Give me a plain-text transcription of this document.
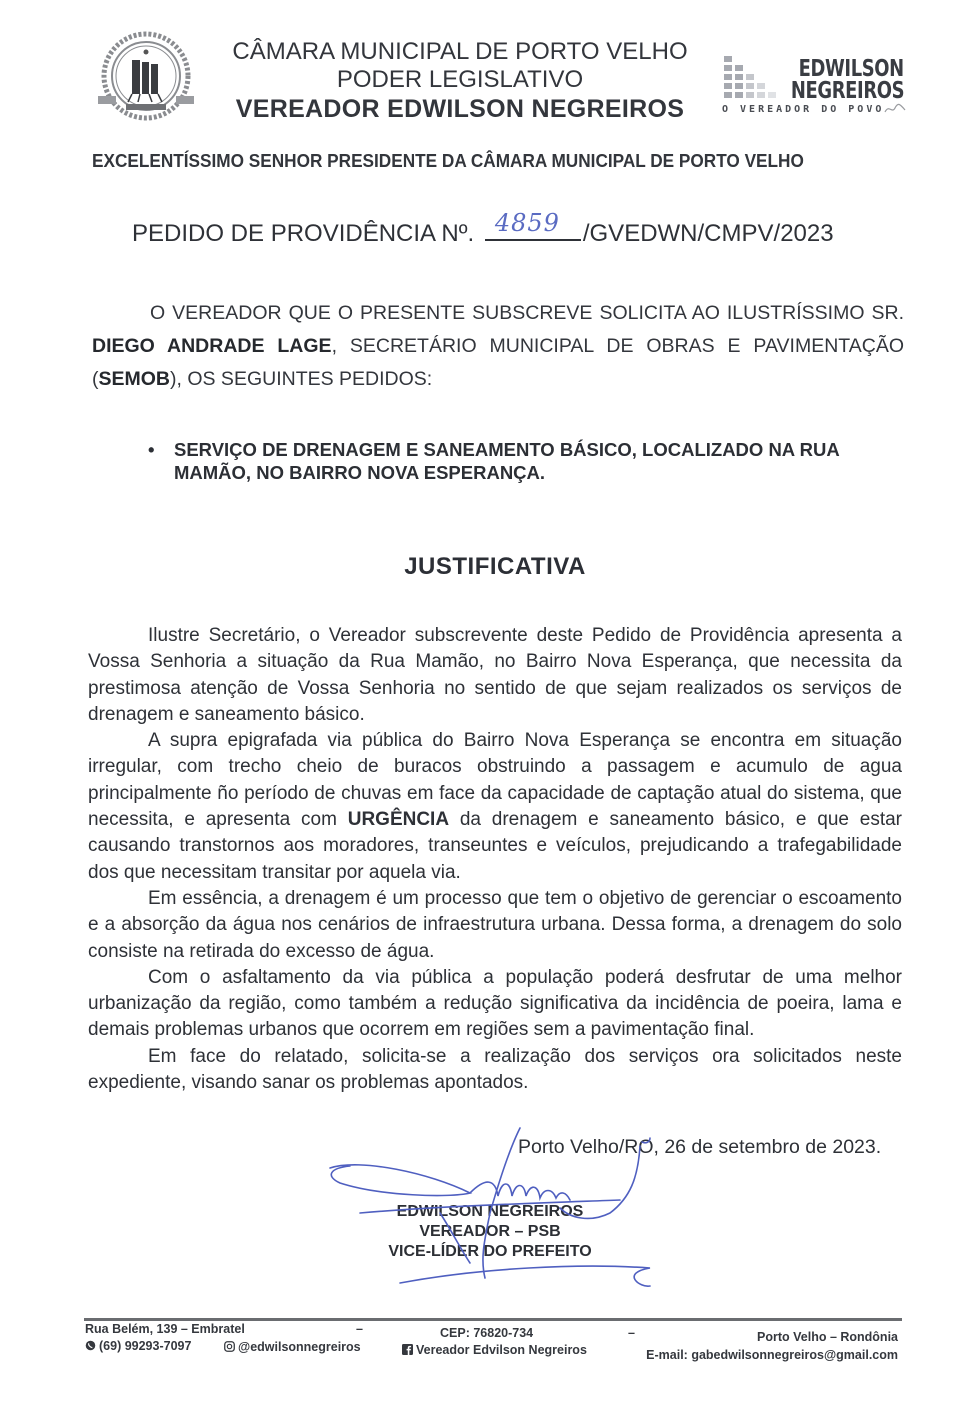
CÂMARA MUNICIPAL DE PORTO VELHO
PODER LEGISLATIVO
VEREADOR EDWILSON NEGREIROS
EDWILSON
NEGREIROS
O VEREADOR DO POVO
EXCELENTÍSSIMO SENHOR PRESIDENTE DA CÂMARA MUNICIPAL DE PORTO VELHO
PEDIDO DE PROVIDÊNCIA Nº. 4859 /GVEDWN/CMPV/2023

O VEREADOR QUE O PRESENTE SUBSCREVE SOLICITA AO ILUSTRÍSSIMO SR. DIEGO ANDRADE LAGE, SECRETÁRIO MUNICIPAL DE OBRAS E PAVIMENTAÇÃO (SEMOB), OS SEGUINTES PEDIDOS:

• SERVIÇO DE DRENAGEM E SANEAMENTO BÁSICO, LOCALIZADO NA RUA MAMÃO, NO BAIRRO NOVA ESPERANÇA.
JUSTIFICATIVA

Ilustre Secretário, o Vereador subscrevente deste Pedido de Providência apresenta a Vossa Senhoria a situação da Rua Mamão, no Bairro Nova Esperança, que necessita da prestimosa atenção de Vossa Senhoria no sentido de que sejam realizados os serviços de drenagem e saneamento básico.

A supra epigrafada via pública do Bairro Nova Esperança se encontra em situação irregular, com trecho cheio de buracos obstruindo a passagem e acumulo de agua principalmente ño período de chuvas em face da capacidade de captação atual do sistema, que necessita, e apresenta com URGÊNCIA da drenagem e saneamento básico, e que estar causando transtornos aos moradores, transeuntes e veículos, prejudicando a trafegabilidade dos que necessitam transitar por aquela via.

Em essência, a drenagem é um processo que tem o objetivo de gerenciar o escoamento e a absorção da água nos cenários de infraestrutura urbana. Dessa forma, a drenagem do solo consiste na retirada do excesso de água.

Com o asfaltamento da via pública a população poderá desfrutar de uma melhor urbanização da região, como também a redução significativa da incidência de poeira, lama e demais problemas urbanos que ocorrem em regiões sem a pavimentação final.

Em face do relatado, solicita-se a realização dos serviços ora solicitados neste expediente, visando sanar os problemas apontados.

Porto Velho/RO, 26 de setembro de 2023.
EDWILSON NEGREIROS
VEREADOR – PSB
VICE-LÍDER DO PREFEITO
Rua Belém, 139 – Embratel	–	CEP: 76820-734	–	Porto Velho – Rondônia
(69) 99293-7097	@edwilsonnegreiros	Vereador Edvilson Negreiros	E-mail: gabedwilsonnegreiros@gmail.com
